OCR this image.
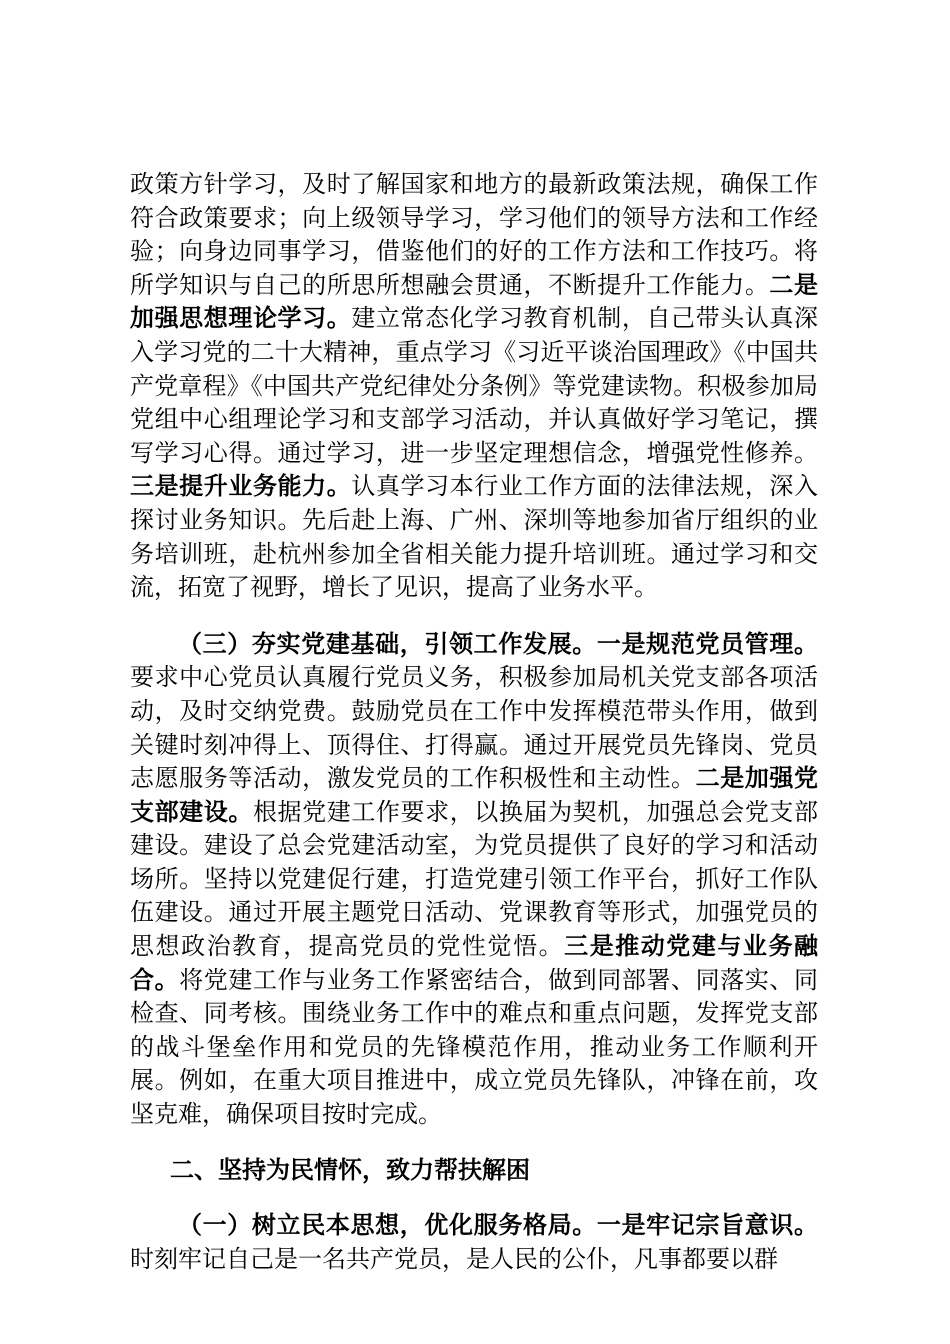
政策方针学习，及时了解国家和地方的最新政策法规，确保工作符合政策要求；向上级领导学习，学习他们的领导方法和工作经验；向身边同事学习，借鉴他们的好的工作方法和工作技巧。将所学知识与自己的所思所想融会贯通，不断提升工作能力。二是加强思想理论学习。建立常态化学习教育机制，自己带头认真深入学习党的二十大精神，重点学习《习近平谈治国理政》《中国共产党章程》《中国共产党纪律处分条例》等党建读物。积极参加局党组中心组理论学习和支部学习活动，并认真做好学习笔记，撰写学习心得。通过学习，进一步坚定理想信念，增强党性修养。三是提升业务能力。认真学习本行业工作方面的法律法规，深入探讨业务知识。先后赴上海、广州、深圳等地参加省厅组织的业务培训班，赴杭州参加全省相关能力提升培训班。通过学习和交流，拓宽了视野，增长了见识，提高了业务水平。

（三）夯实党建基础，引领工作发展。一是规范党员管理。要求中心党员认真履行党员义务，积极参加局机关党支部各项活动，及时交纳党费。鼓励党员在工作中发挥模范带头作用，做到关键时刻冲得上、顶得住、打得赢。通过开展党员先锋岗、党员志愿服务等活动，激发党员的工作积极性和主动性。二是加强党支部建设。根据党建工作要求，以换届为契机，加强总会党支部建设。建设了总会党建活动室，为党员提供了良好的学习和活动场所。坚持以党建促行建，打造党建引领工作平台，抓好工作队伍建设。通过开展主题党日活动、党课教育等形式，加强党员的思想政治教育，提高党员的党性觉悟。三是推动党建与业务融合。将党建工作与业务工作紧密结合，做到同部署、同落实、同检查、同考核。围绕业务工作中的难点和重点问题，发挥党支部的战斗堡垒作用和党员的先锋模范作用，推动业务工作顺利开展。例如，在重大项目推进中，成立党员先锋队，冲锋在前，攻坚克难，确保项目按时完成。

二、坚持为民情怀，致力帮扶解困

（一）树立民本思想，优化服务格局。一是牢记宗旨意识。时刻牢记自己是一名共产党员，是人民的公仆，凡事都要以群
